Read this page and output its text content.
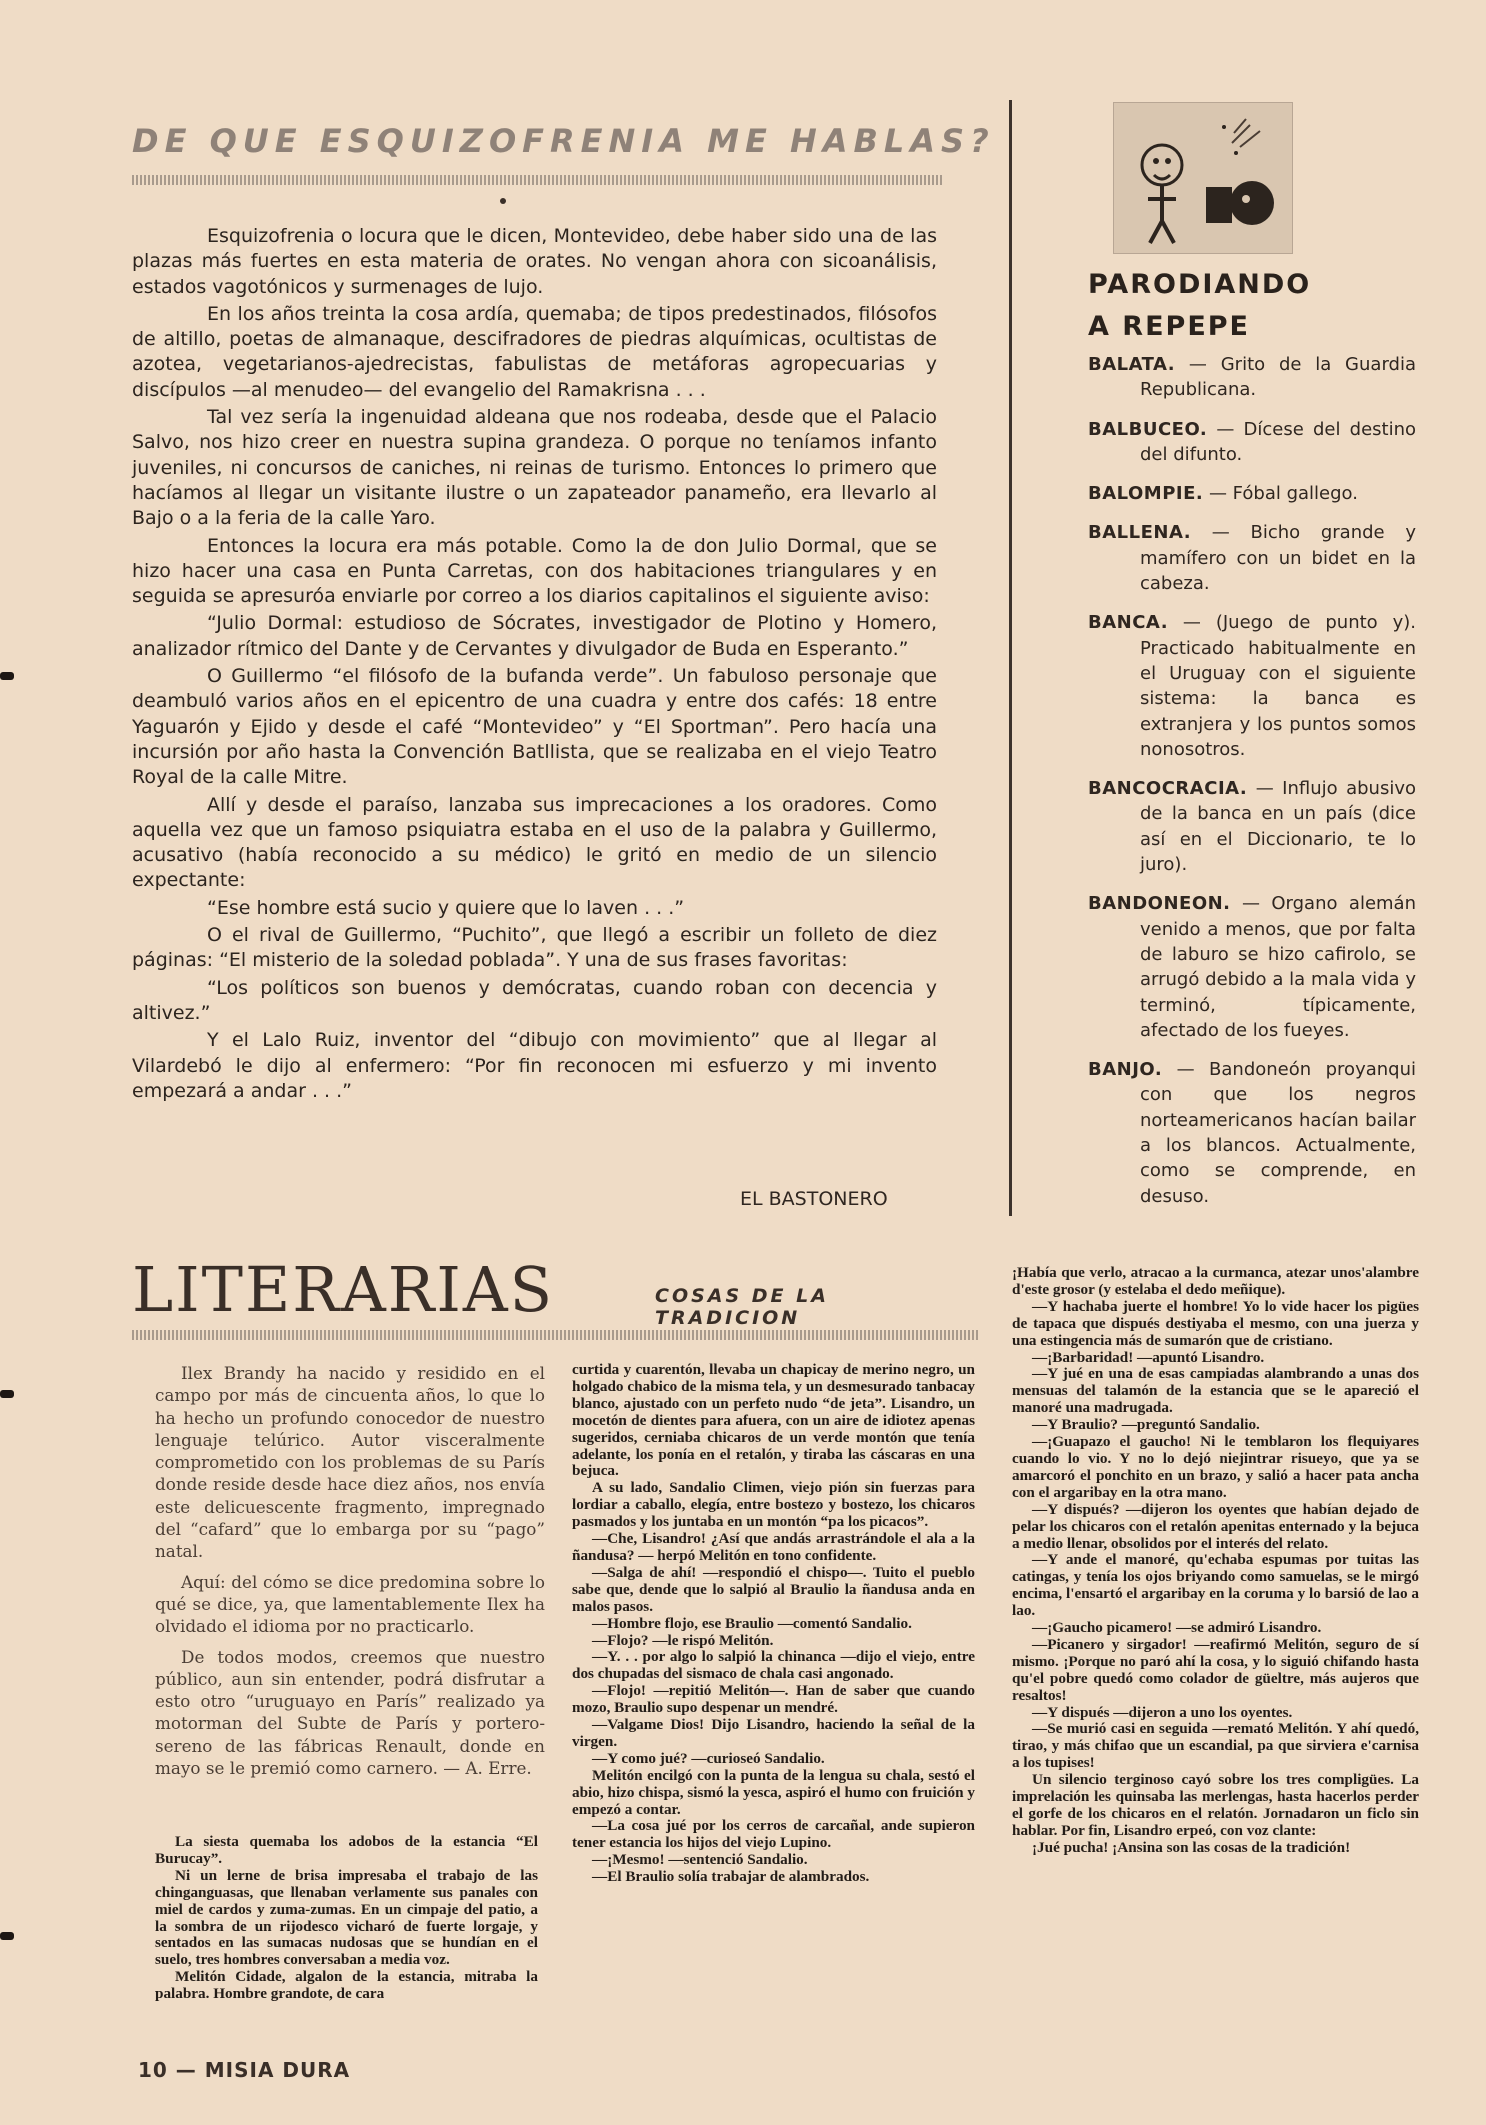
DE QUE ESQUIZOFRENIA ME HABLAS?

Esquizofrenia o locura que le dicen, Montevideo, debe haber sido una de las plazas más fuertes en esta materia de orates. No vengan ahora con sicoanálisis, estados vagotónicos y surmenages de lujo.

En los años treinta la cosa ardía, quemaba; de tipos predestinados, filósofos de altillo, poetas de almanaque, descifradores de piedras alquímicas, ocultistas de azotea, vegetarianos-ajedrecistas, fabulistas de metáforas agropecuarias y discípulos —al menudeo— del evangelio del Ramakrisna . . .

Tal vez sería la ingenuidad aldeana que nos rodeaba, desde que el Palacio Salvo, nos hizo creer en nuestra supina grandeza. O porque no teníamos infanto juveniles, ni concursos de caniches, ni reinas de turismo. Entonces lo primero que hacíamos al llegar un visitante ilustre o un zapateador panameño, era llevarlo al Bajo o a la feria de la calle Yaro.

Entonces la locura era más potable. Como la de don Julio Dormal, que se hizo hacer una casa en Punta Carretas, con dos habitaciones triangulares y en seguida se apresuróa enviarle por correo a los diarios capitalinos el siguiente aviso:

“Julio Dormal: estudioso de Sócrates, investigador de Plotino y Homero, analizador rítmico del Dante y de Cervantes y divulgador de Buda en Esperanto.”

O Guillermo “el filósofo de la bufanda verde”. Un fabuloso personaje que deambuló varios años en el epicentro de una cuadra y entre dos cafés: 18 entre Yaguarón y Ejido y desde el café “Montevideo” y “El Sportman”. Pero hacía una incursión por año hasta la Convención Batllista, que se realizaba en el viejo Teatro Royal de la calle Mitre.

Allí y desde el paraíso, lanzaba sus imprecaciones a los oradores. Como aquella vez que un famoso psiquiatra estaba en el uso de la palabra y Guillermo, acusativo (había reconocido a su médico) le gritó en medio de un silencio expectante:

“Ese hombre está sucio y quiere que lo laven . . .”

O el rival de Guillermo, “Puchito”, que llegó a escribir un folleto de diez páginas: “El misterio de la soledad poblada”. Y una de sus frases favoritas:

“Los políticos son buenos y demócratas, cuando roban con decencia y altivez.”

Y el Lalo Ruiz, inventor del “dibujo con movimiento” que al llegar al Vilardebó le dijo al enfermero: “Por fin reconocen mi esfuerzo y mi invento empezará a andar . . .”

EL BASTONERO
PARODIANDO
A REPEPE
BALATA. — Grito de la Guardia Republicana.
BALBUCEO. — Dícese del destino del difunto.
BALOMPIE. — Fóbal gallego.
BALLENA. — Bicho grande y mamífero con un bidet en la cabeza.
BANCA. — (Juego de punto y). Practicado habitualmente en el Uruguay con el siguiente sistema: la banca es extranjera y los puntos somos nonosotros.
BANCOCRACIA. — Influjo abusivo de la banca en un país (dice así en el Diccionario, te lo juro).
BANDONEON. — Organo alemán venido a menos, que por falta de laburo se hizo cafirolo, se arrugó debido a la mala vida y terminó, típicamente, afectado de los fueyes.
BANJO. — Bandoneón proyanqui con que los negros norteamericanos hacían bailar a los blancos. Actualmente, como se comprende, en desuso.
LITERARIAS	COSAS DE LA TRADICION

Ilex Brandy ha nacido y residido en el campo por más de cincuenta años, lo que lo ha hecho un profundo conocedor de nuestro lenguaje telúrico. Autor visceralmente comprometido con los problemas de su París donde reside desde hace diez años, nos envía este delicuescente fragmento, impregnado del “cafard” que lo embarga por su “pago” natal.

Aquí: del cómo se dice predomina sobre lo qué se dice, ya, que lamentablemente Ilex ha olvidado el idioma por no practicarlo.

De todos modos, creemos que nuestro público, aun sin entender, podrá disfrutar a esto otro “uruguayo en París” realizado ya motorman del Subte de París y portero-sereno de las fábricas Renault, donde en mayo se le premió como carnero. — A. Erre.

La siesta quemaba los adobos de la estancia “El Burucay”.

Ni un lerne de brisa impresaba el trabajo de las chinganguasas, que llenaban verlamente sus panales con miel de cardos y zuma-zumas. En un cimpaje del patio, a la sombra de un rijodesco vicharó de fuerte lorgaje, y sentados en las sumacas nudosas que se hundían en el suelo, tres hombres conversaban a media voz.

Melitón Cidade, algalon de la estancia, mitraba la palabra. Hombre grandote, de cara

curtida y cuarentón, llevaba un chapicay de merino negro, un holgado chabico de la misma tela, y un desmesurado tanbacay blanco, ajustado con un perfeto nudo “de jeta”. Lisandro, un mocetón de dientes para afuera, con un aire de idiotez apenas sugeridos, cerniaba chicaros de un verde montón que tenía adelante, los ponía en el retalón, y tiraba las cáscaras en una bejuca.

A su lado, Sandalio Climen, viejo pión sin fuerzas para lordiar a caballo, elegía, entre bostezo y bostezo, los chicaros pasmados y los juntaba en un montón “pa los picacos”.

—Che, Lisandro! ¿Así que andás arrastrándole el ala a la ñandusa? — herpó Melitón en tono confidente.

—Salga de ahí! —respondió el chispo—. Tuito el pueblo sabe que, dende que lo salpió al Braulio la ñandusa anda en malos pasos.

—Hombre flojo, ese Braulio —comentó Sandalio.

—Flojo? —le rispó Melitón.

—Y. . . por algo lo salpió la chinanca —dijo el viejo, entre dos chupadas del sismaco de chala casi angonado.

—Flojo! —repitió Melitón—. Han de saber que cuando mozo, Braulio supo despenar un mendré.

—Valgame Dios! Dijo Lisandro, haciendo la señal de la virgen.

—Y como jué? —curioseó Sandalio.

Melitón encilgó con la punta de la lengua su chala, sestó el abio, hizo chispa, sismó la yesca, aspiró el humo con fruición y empezó a contar.

—La cosa jué por los cerros de carcañal, ande supieron tener estancia los hijos del viejo Lupino.

—¡Mesmo! —sentenció Sandalio.

—El Braulio solía trabajar de alambrados.

¡Había que verlo, atracao a la curmanca, atezar unos'alambre d'este grosor (y estelaba el dedo meñique).

—Y hachaba juerte el hombre! Yo lo vide hacer los pigües de tapaca que dispués destiyaba el mesmo, con una juerza y una estingencia más de sumarón que de cristiano.

—¡Barbaridad! —apuntó Lisandro.

—Y jué en una de esas campiadas alambrando a unas dos mensuas del talamón de la estancia que se le apareció el manoré una madrugada.

—Y Braulio? —preguntó Sandalio.

—¡Guapazo el gaucho! Ni le temblaron los flequiyares cuando lo vio. Y no lo dejó niejintrar risueyo, que ya se amarcoró el ponchito en un brazo, y salió a hacer pata ancha con el argaribay en la otra mano.

—Y dispués? —dijeron los oyentes que habían dejado de pelar los chicaros con el retalón apenitas enternado y la bejuca a medio llenar, obsolidos por el interés del relato.

—Y ande el manoré, qu'echaba espumas por tuitas las catingas, y tenía los ojos briyando como samuelas, se le mirgó encima, l'ensartó el argaribay en la coruma y lo barsió de lao a lao.

—¡Gaucho picamero! —se admiró Lisandro.

—Picanero y sirgador! —reafirmó Melitón, seguro de sí mismo. ¡Porque no paró ahí la cosa, y lo siguió chifando hasta qu'el pobre quedó como colador de güeltre, más aujeros que resaltos!

—Y dispués —dijeron a uno los oyentes.

—Se murió casi en seguida —remató Melitón. Y ahí quedó, tirao, y más chifao que un escandial, pa que sirviera e'carnisa a los tupises!

Un silencio terginoso cayó sobre los tres compligües. La imprelación les quinsaba las merlengas, hasta hacerlos perder el gorfe de los chicaros en el relatón. Jornadaron un ficlo sin hablar. Por fin, Lisandro erpeó, con voz clante:

¡Jué pucha! ¡Ansina son las cosas de la tradición!

10 — MISIA DURA
